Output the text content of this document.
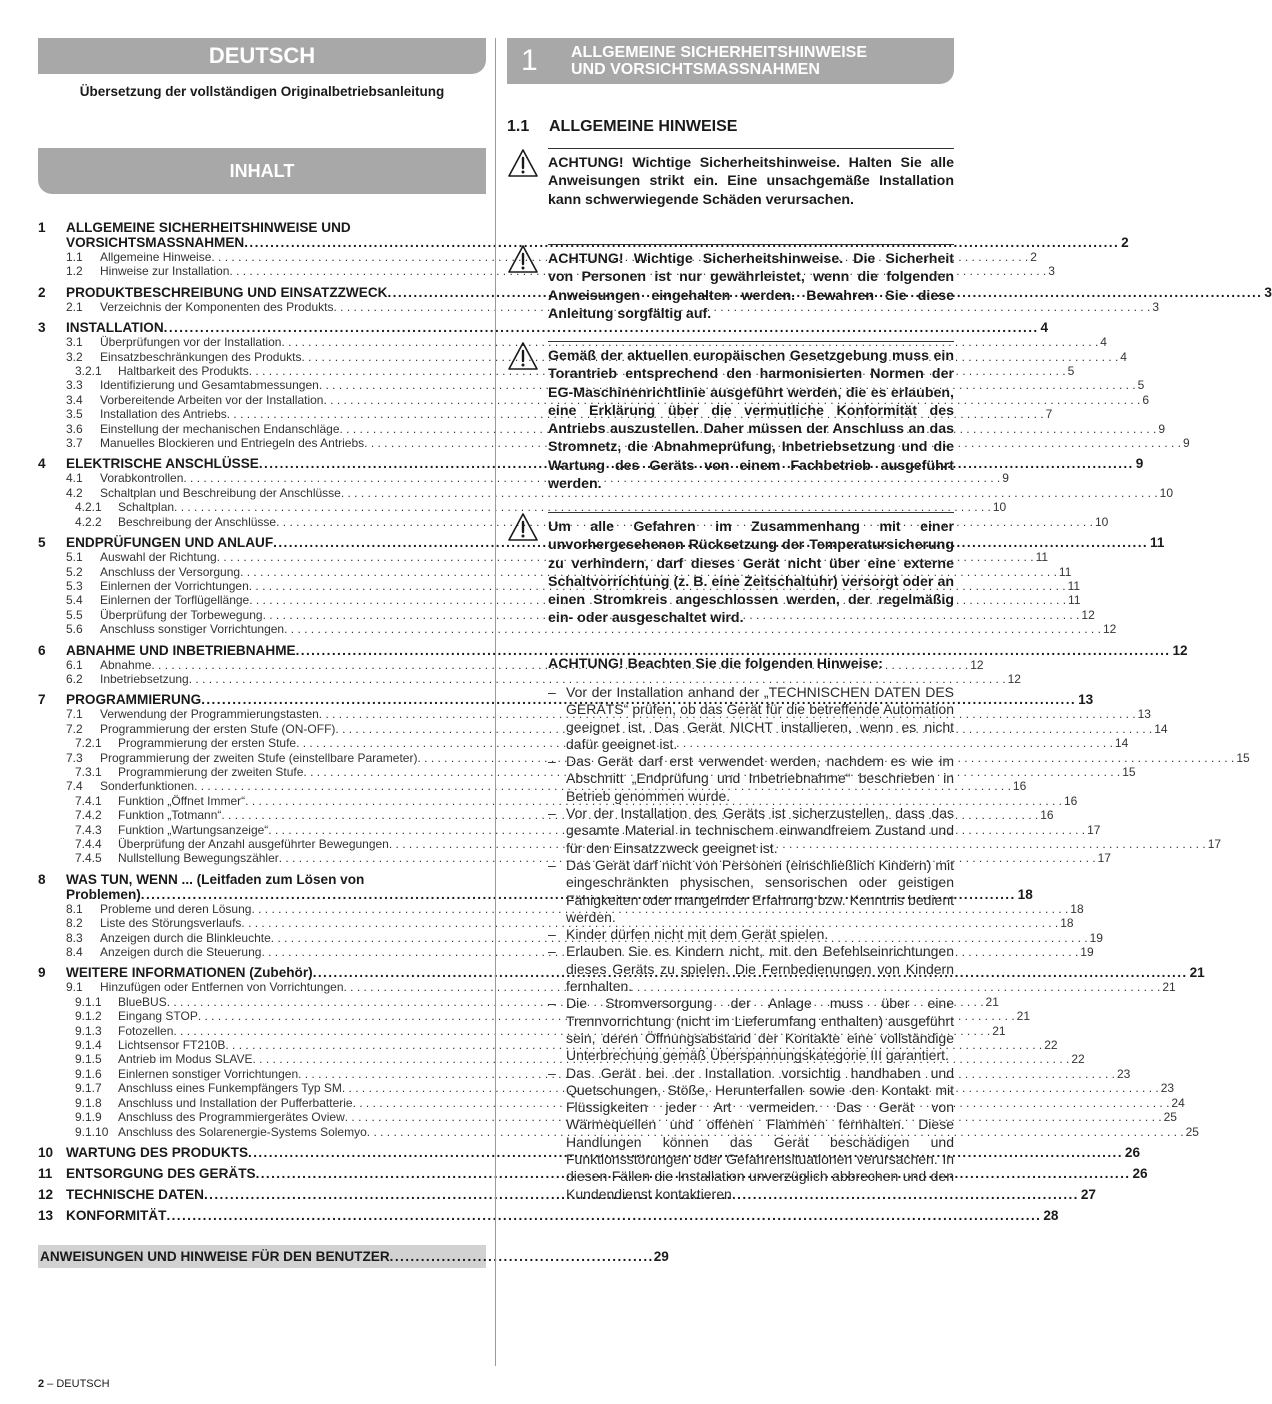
DEUTSCH
Übersetzung der vollständigen Originalbetriebsanleitung
INHALT
1	ALLGEMEINE SICHERHEITSHINWEISE UND
VORSICHTSMASSNAHMEN .....	2
1.1 Allgemeine Hinweise . . .	2
1.2 Hinweise zur Installation . . .	3
2	PRODUKTBESCHREIBUNG UND EINSATZZWECK .....	3
2.1 Verzeichnis der Komponenten des Produkts . . .	3
3	INSTALLATION .....	4
3.1 Überprüfungen vor der Installation . . .	4
3.2 Einsatzbeschränkungen des Produkts . . .	4
3.2.1 Haltbarkeit des Produkts . . .	5
3.3 Identifizierung und Gesamtabmessungen . . .	5
3.4 Vorbereitende Arbeiten vor der Installation . . .	6
3.5 Installation des Antriebs . . .	7
3.6 Einstellung der mechanischen Endanschläge . . .	9
3.7 Manuelles Blockieren und Entriegeln des Antriebs . . .	9
4	ELEKTRISCHE ANSCHLÜSSE .....	9
4.1 Vorabkontrollen . . .	9
4.2 Schaltplan und Beschreibung der Anschlüsse . . .	10
4.2.1 Schaltplan . . .	10
4.2.2 Beschreibung der Anschlüsse . . .	10
5	ENDPRÜFUNGEN UND ANLAUF .....	11
5.1 Auswahl der Richtung . . .	11
5.2 Anschluss der Versorgung . . .	11
5.3 Einlernen der Vorrichtungen . . .	11
5.4 Einlernen der Torflügellänge . . .	11
5.5 Überprüfung der Torbewegung . . .	12
5.6 Anschluss sonstiger Vorrichtungen . . .	12
6	ABNAHME UND INBETRIEBNAHME .....	12
6.1 Abnahme . . .	12
6.2 Inbetriebsetzung . . .	12
7	PROGRAMMIERUNG .....	13
7.1 Verwendung der Programmierungstasten . . .	13
7.2 Programmierung der ersten Stufe (ON-OFF) . . .	14
7.2.1 Programmierung der ersten Stufe . . .	14
7.3 Programmierung der zweiten Stufe (einstellbare Parameter) . . .	15
7.3.1 Programmierung der zweiten Stufe . . .	15
7.4 Sonderfunktionen . . .	16
7.4.1 Funktion „Öffnet Immer“ . . .	16
7.4.2 Funktion „Totmann“ . . .	16
7.4.3 Funktion „Wartungsanzeige“ . . .	17
7.4.4 Überprüfung der Anzahl ausgeführter Bewegungen . . .	17
7.4.5 Nullstellung Bewegungszähler . . .	17
8	WAS TUN, WENN ... (Leitfaden zum Lösen von
Problemen) .....	18
8.1 Probleme und deren Lösung . . .	18
8.2 Liste des Störungsverlaufs . . .	18
8.3 Anzeigen durch die Blinkleuchte . . .	19
8.4 Anzeigen durch die Steuerung . . .	19
9	WEITERE INFORMATIONEN (Zubehör) .....	21
9.1 Hinzufügen oder Entfernen von Vorrichtungen . . .	21
9.1.1 BlueBUS . . .	21
9.1.2 Eingang STOP . . .	21
9.1.3 Fotozellen . . .	21
9.1.4 Lichtsensor FT210B . . .	22
9.1.5 Antrieb im Modus SLAVE . . .	22
9.1.6 Einlernen sonstiger Vorrichtungen . . .	23
9.1.7 Anschluss eines Funkempfängers Typ SM . . .	23
9.1.8 Anschluss und Installation der Pufferbatterie . . .	24
9.1.9 Anschluss des Programmiergerätes Oview . . .	25
9.1.10 Anschluss des Solarenergie-Systems Solemyo . . .	25
10 WARTUNG DES PRODUKTS .....	26
11	ENTSORGUNG DES GERÄTS .....	26
12 TECHNISCHE DATEN .....	27
13 KONFORMITÄT .....	28
ANWEISUNGEN UND HINWEISE FÜR DEN BENUTZER .....	29
1 ALLGEMEINE SICHERHEITSHINWEISE
UND VORSICHTSMASSNAHMEN
1.1	ALLGEMEINE HINWEISE
ACHTUNG! Wichtige Sicherheitshinweise. Halten Sie alle Anweisungen strikt ein. Eine unsachgemäße Installation kann schwerwiegende Schäden verursachen.
ACHTUNG! Wichtige Sicherheitshinweise. Die Sicherheit von Personen ist nur gewährleistet, wenn die folgenden Anweisungen eingehalten werden. Bewahren Sie diese Anleitung sorgfältig auf.
Gemäß der aktuellen europäischen Gesetzgebung muss ein Torantrieb entsprechend den harmonisierten Normen der EG-Maschinenrichtlinie ausgeführt werden, die es erlauben, eine Erklärung über die vermutliche Konformität des Antriebs auszustellen. Daher müssen der Anschluss an das Stromnetz, die Abnahmeprüfung, Inbetriebsetzung und die Wartung des Geräts von einem Fachbetrieb ausgeführt werden.
Um alle Gefahren im Zusammenhang mit einer unvorhergesehenen Rücksetzung der Temperatursicherung zu verhindern, darf dieses Gerät nicht über eine externe Schaltvorrichtung (z. B. eine Zeitschaltuhr) versorgt oder an einen Stromkreis angeschlossen werden, der regelmäßig ein- oder ausgeschaltet wird.
ACHTUNG! Beachten Sie die folgenden Hinweise:
– Vor der Installation anhand der „TECHNISCHEN DATEN DES GERÄTS“ prüfen, ob das Gerät für die betreffende Automation geeignet ist. Das Gerät NICHT installieren, wenn es nicht dafür geeignet ist.
– Das Gerät darf erst verwendet werden, nachdem es wie im Abschnitt „Endprüfung und Inbetriebnahme“ beschrieben in Betrieb genommen wurde.
– Vor der Installation des Geräts ist sicherzustellen, dass das gesamte Material in technischem einwandfreiem Zustand und für den Einsatzzweck geeignet ist.
– Das Gerät darf nicht von Personen (einschließlich Kindern) mit eingeschränkten physischen, sensorischen oder geistigen Fähigkeiten oder mangelnder Erfahrung bzw. Kenntnis bedient werden.
– Kinder dürfen nicht mit dem Gerät spielen.
– Erlauben Sie es Kindern nicht, mit den Befehlseinrichtungen dieses Geräts zu spielen. Die Fernbedienungen von Kindern fernhalten.
– Die Stromversorgung der Anlage muss über eine Trennvorrichtung (nicht im Lieferumfang enthalten) ausgeführt sein, deren Öffnungsabstand der Kontakte eine vollständige Unterbrechung gemäß Überspannungskategorie III garantiert.
– Das Gerät bei der Installation vorsichtig handhaben und Quetschungen, Stöße, Herunterfallen sowie den Kontakt mit Flüssigkeiten jeder Art vermeiden. Das Gerät von Wärmequellen und offenen Flammen fernhalten. Diese Handlungen können das Gerät beschädigen und Funktionsstörungen oder Gefahrensituationen verursachen. In diesen Fällen die Installation unverzüglich abbrechen und den Kundendienst kontaktieren.
2 – DEUTSCH
